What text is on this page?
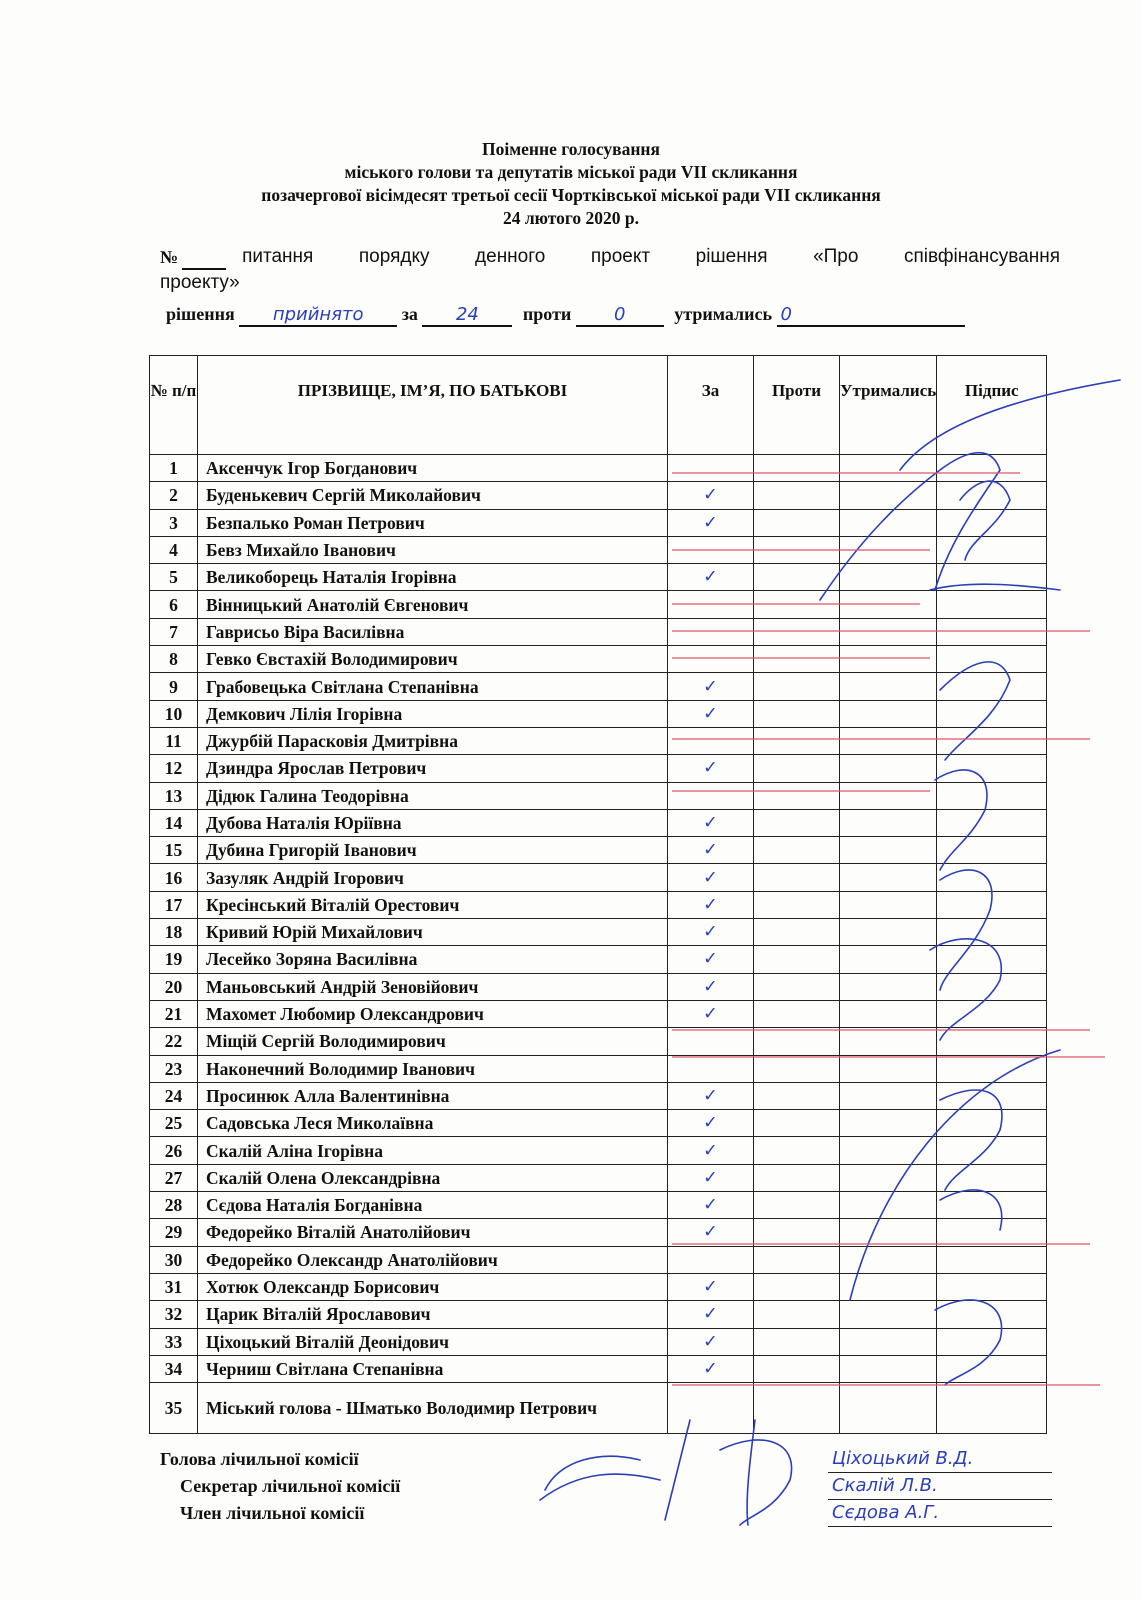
Поіменне голосування
міського голови та депутатів міської ради VII скликання
позачергової вісімдесят третьої сесії Чортківської міської ради VII скликання
24 лютого 2020 р.
№	питання порядку денного проект рішення «Про співфінансування
проекту»
рішення прийнято за 24 проти 0	утримались 0
№ п/п	ПРІЗВИЩЕ, ІМ’Я, ПО БАТЬКОВІ	За	Проти	Утримались	Підпис
1	Аксенчук Ігор Богданович				
2	Буденькевич Сергій Миколайович	✓			
3	Безпалько Роман Петрович	✓			
4	Бевз Михайло Іванович				
5	Великоборець Наталія Ігорівна	✓			
6	Вінницький Анатолій Євгенович				
7	Гаврисьо Віра Василівна				
8	Гевко Євстахій Володимирович				
9	Грабовецька Світлана Степанівна	✓			
10	Демкович Лілія Ігорівна	✓			
11	Джурбій Парасковія Дмитрівна				
12	Дзиндра Ярослав Петрович	✓			
13	Дідюк Галина Теодорівна				
14	Дубова Наталія Юріївна	✓			
15	Дубина Григорій Іванович	✓			
16	Зазуляк Андрій Ігорович	✓			
17	Кресінський Віталій Орестович	✓			
18	Кривий Юрій Михайлович	✓			
19	Лесейко Зоряна Василівна	✓			
20	Маньовський Андрій Зеновійович	✓			
21	Махомет Любомир Олександрович	✓			
22	Міщій Сергій Володимирович				
23	Наконечний Володимир Іванович				
24	Просинюк Алла Валентинівна	✓			
25	Садовська Леся Миколаївна	✓			
26	Скалій Аліна Ігорівна	✓			
27	Скалій Олена Олександрівна	✓			
28	Сєдова Наталія Богданівна	✓			
29	Федорейко Віталій Анатолійович	✓			
30	Федорейко Олександр Анатолійович				
31	Хотюк Олександр Борисович	✓			
32	Царик Віталій Ярославович	✓			
33	Ціхоцький Віталій Деонідович	✓			
34	Черниш Світлана Степанівна	✓			
35	Міський голова - Шматько Володимир Петрович				
Голова лічильної комісії
Секретар лічильної комісії
Член лічильної комісії
Ціхоцький В.Д.
Скалій Л.В.
Сєдова А.Г.
